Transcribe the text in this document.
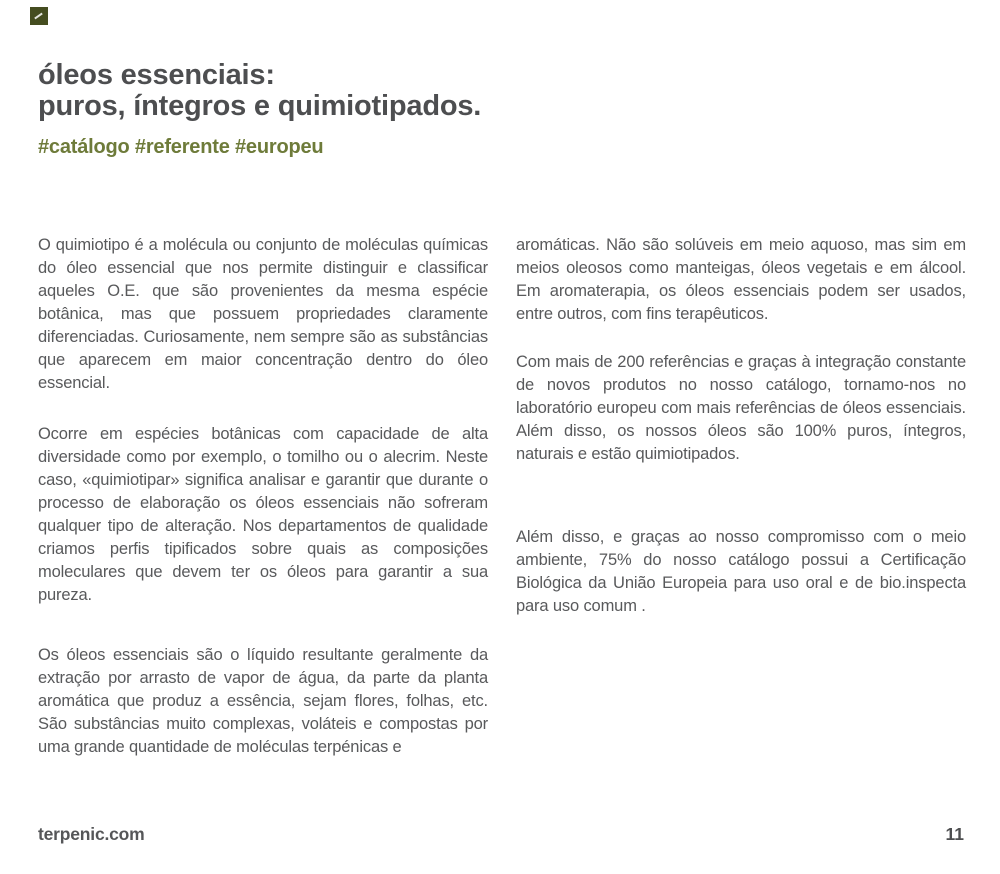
óleos essenciais:
puros, íntegros e quimiotipados.
#catálogo #referente #europeu

O quimiotipo é a molécula ou conjunto de moléculas químicas do óleo essencial que nos permite distinguir e classificar aqueles O.E. que são provenientes da mesma espécie botânica, mas que possuem propriedades claramente diferenciadas. Curiosamente, nem sempre são as substâncias que aparecem em maior concentração dentro do óleo essencial.

Ocorre em espécies botânicas com capacidade de alta diversidade como por exemplo, o tomilho ou o alecrim. Neste caso, «quimiotipar» significa analisar e garantir que durante o processo de elaboração os óleos essenciais não sofreram qualquer tipo de alteração. Nos departamentos de qualidade criamos perfis tipificados sobre quais as composições moleculares que devem ter os óleos para garantir a sua pureza.

Os óleos essenciais são o líquido resultante geralmente da extração por arrasto de vapor de água, da parte da planta aromática que produz a essência, sejam flores, folhas, etc. São substâncias muito complexas, voláteis e compostas por uma grande quantidade de moléculas terpénicas e

aromáticas. Não são solúveis em meio aquoso, mas sim em meios oleosos como manteigas, óleos vegetais e em álcool. Em aromaterapia, os óleos essenciais podem ser usados, entre outros, com fins terapêuticos.

Com mais de 200 referências e graças à integração constante de novos produtos no nosso catálogo, tornamo-nos no laboratório europeu com mais referências de óleos essenciais. Além disso, os nossos óleos são 100% puros, íntegros, naturais e estão quimiotipados.

Além disso, e graças ao nosso compromisso com o meio ambiente, 75% do nosso catálogo possui a Certificação Biológica da União Europeia para uso oral e de bio.inspecta para uso comum .

terpenic.com	11
